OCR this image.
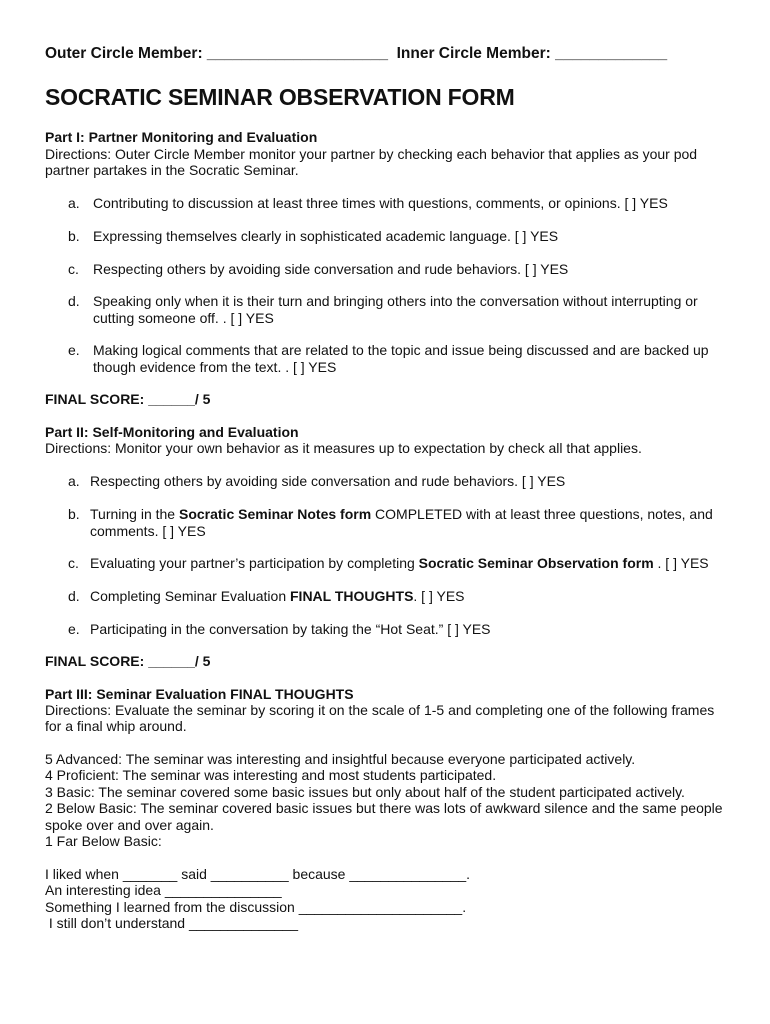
Outer Circle Member: _____________________ Inner Circle Member: _____________
SOCRATIC SEMINAR OBSERVATION FORM
Part I: Partner Monitoring and Evaluation
Directions: Outer Circle Member monitor your partner by checking each behavior that applies as your pod
partner partakes in the Socratic Seminar.
a. Contributing to discussion at least three times with questions, comments, or opinions. [ ] YES
b. Expressing themselves clearly in sophisticated academic language. [ ] YES
c. Respecting others by avoiding side conversation and rude behaviors. [ ] YES
d. Speaking only when it is their turn and bringing others into the conversation without interrupting or
cutting someone off. . [ ] YES
e. Making logical comments that are related to the topic and issue being discussed and are backed up
though evidence from the text. . [ ] YES
FINAL SCORE: ______/ 5
Part II: Self-Monitoring and Evaluation
Directions: Monitor your own behavior as it measures up to expectation by check all that applies.
a. Respecting others by avoiding side conversation and rude behaviors. [ ] YES
b. Turning in the Socratic Seminar Notes form COMPLETED with at least three questions, notes, and
comments. [ ] YES
c. Evaluating your partner’s participation by completing Socratic Seminar Observation form . [ ] YES
d. Completing Seminar Evaluation FINAL THOUGHTS. [ ] YES
e. Participating in the conversation by taking the “Hot Seat.” [ ] YES
FINAL SCORE: ______/ 5
Part III: Seminar Evaluation FINAL THOUGHTS
Directions: Evaluate the seminar by scoring it on the scale of 1-5 and completing one of the following frames
for a final whip around.
5 Advanced: The seminar was interesting and insightful because everyone participated actively.
4 Proficient: The seminar was interesting and most students participated.
3 Basic: The seminar covered some basic issues but only about half of the student participated actively.
2 Below Basic: The seminar covered basic issues but there was lots of awkward silence and the same people
spoke over and over again.
1 Far Below Basic:
I liked when _______ said __________ because _______________.
An interesting idea _______________
Something I learned from the discussion _____________________.
I still don’t understand ______________
